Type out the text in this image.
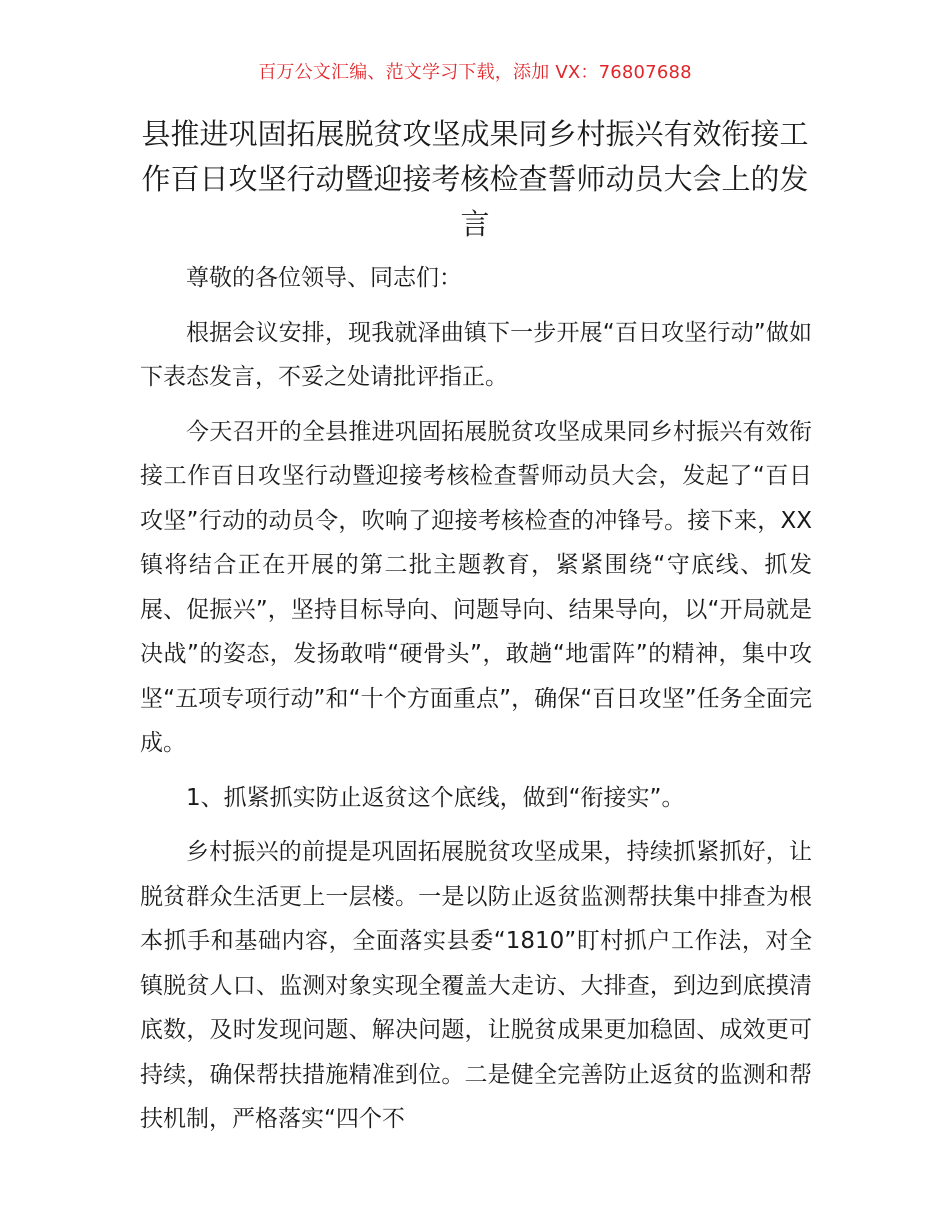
百万公文汇编、范文学习下载，添加 VX：76807688
县推进巩固拓展脱贫攻坚成果同乡村振兴有效衔接工作百日攻坚行动暨迎接考核检查誓师动员大会上的发言

尊敬的各位领导、同志们：

根据会议安排，现我就泽曲镇下一步开展“百日攻坚行动”做如下表态发言，不妥之处请批评指正。

今天召开的全县推进巩固拓展脱贫攻坚成果同乡村振兴有效衔接工作百日攻坚行动暨迎接考核检查誓师动员大会，发起了“百日攻坚”行动的动员令，吹响了迎接考核检查的冲锋号。接下来，XX 镇将结合正在开展的第二批主题教育，紧紧围绕“守底线、抓发展、促振兴”，坚持目标导向、问题导向、结果导向，以“开局就是决战”的姿态，发扬敢啃“硬骨头”，敢趟“地雷阵”的精神，集中攻坚“五项专项行动”和“十个方面重点”，确保“百日攻坚”任务全面完成。

1、抓紧抓实防止返贫这个底线，做到“衔接实”。

乡村振兴的前提是巩固拓展脱贫攻坚成果，持续抓紧抓好，让脱贫群众生活更上一层楼。一是以防止返贫监测帮扶集中排查为根本抓手和基础内容，全面落实县委“1810”盯村抓户工作法，对全镇脱贫人口、监测对象实现全覆盖大走访、大排查，到边到底摸清底数，及时发现问题、解决问题，让脱贫成果更加稳固、成效更可持续，确保帮扶措施精准到位。二是健全完善防止返贫的监测和帮扶机制，严格落实“四个不
